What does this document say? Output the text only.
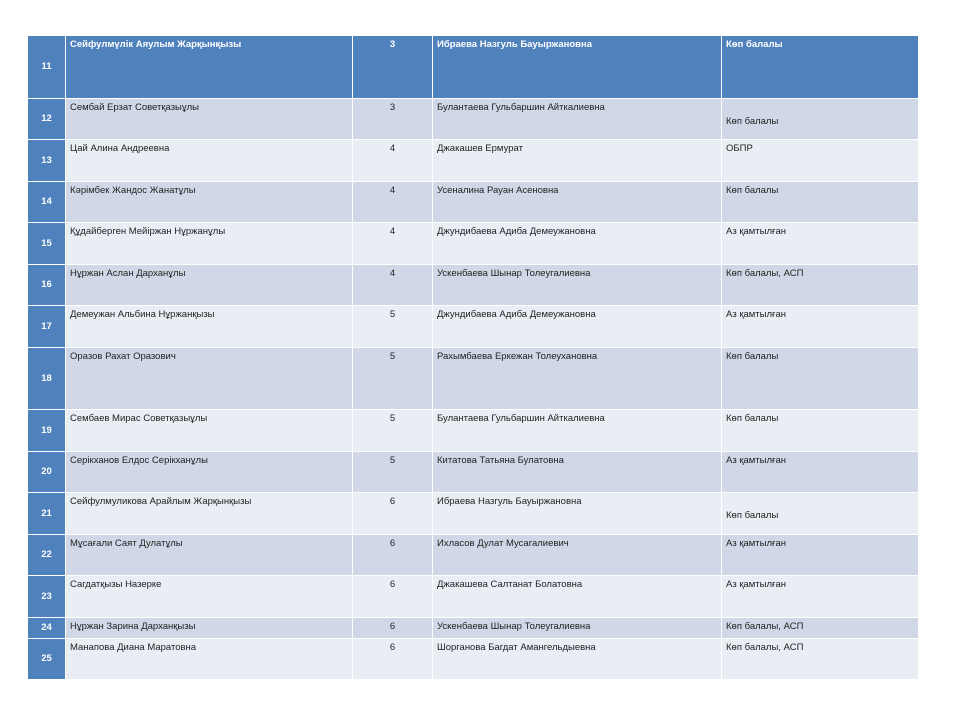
11	Сейфулмүлік Аяулым Жарқынқызы	3	Ибраева Назгуль Бауыржановна	Көп балалы
12	Сембай Ерзат Советқазыұлы	3	Булантаева Гульбаршин Айткалиевна	Көп балалы
13	Цай Алина Андреевна	4	Джакашев Ермурат	ОБПР
14	Кәрімбек Жандос Жанатұлы	4	Усеналина Рауан Асеновна	Көп балалы
15	Құдайберген Мейіржан Нұржанұлы	4	Джундибаева Адиба Демеужановна	Аз қамтылған
16	Нұржан Аслан Дарханұлы	4	Ускенбаева Шынар Толеугалиевна	Көп балалы, АСП
17	Демеужан Альбина Нұржанқызы	5	Джундибаева Адиба Демеужановна	Аз қамтылған
18	Оразов Рахат Оразович	5	Рахымбаева Еркежан Толеухановна	Көп балалы
19	Сембаев Мирас Советқазыұлы	5	Булантаева Гульбаршин Айткалиевна	Көп балалы
20	Серікханов Елдос Серікханұлы	5	Китатова Татьяна Булатовна	Аз қамтылған
21	Сейфулмуликова Арайлым Жарқынқызы	6	Ибраева Назгуль Бауыржановна	Көп балалы
22	Мұсағали Саят Дулатұлы	6	Ихласов Дулат Мусагалиевич	Аз қамтылған
23	Сагдатқызы Назерке	6	Джакашева Салтанат Болатовна	Аз қамтылған
24	Нұржан Зарина Дарханқызы	6	Ускенбаева Шынар Толеугалиевна	Көп балалы, АСП
25	Манапова Диана Маратовна	6	Шорганова Багдат Амангельдыевна	Көп балалы, АСП
